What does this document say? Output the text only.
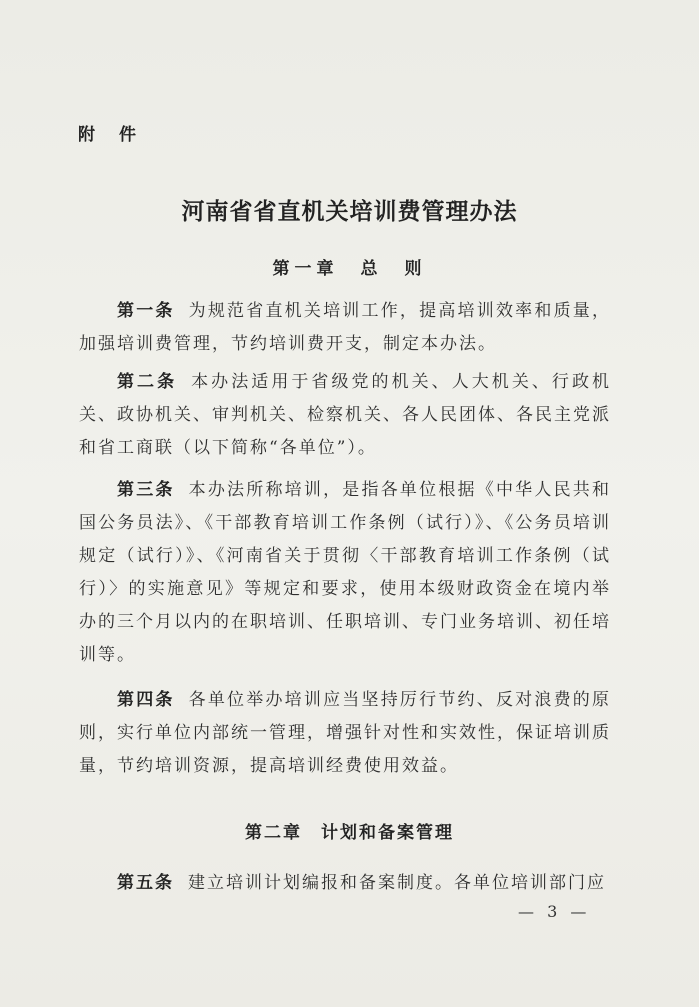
附件
河南省省直机关培训费管理办法
第一章　总　则
第一条 为规范省直机关培训工作，提高培训效率和质量，加强培训费管理，节约培训费开支，制定本办法。
第二条 本办法适用于省级党的机关、人大机关、行政机关、政协机关、审判机关、检察机关、各人民团体、各民主党派和省工商联（以下简称“各单位”）。
第三条 本办法所称培训，是指各单位根据《中华人民共和国公务员法》、《干部教育培训工作条例（试行）》、《公务员培训规定（试行）》、《河南省关于贯彻〈干部教育培训工作条例（试行）〉的实施意见》等规定和要求，使用本级财政资金在境内举办的三个月以内的在职培训、任职培训、专门业务培训、初任培训等。
第四条 各单位举办培训应当坚持厉行节约、反对浪费的原则，实行单位内部统一管理，增强针对性和实效性，保证培训质量，节约培训资源，提高培训经费使用效益。
第二章　计划和备案管理
第五条 建立培训计划编报和备案制度。各单位培训部门应
— 3 —
